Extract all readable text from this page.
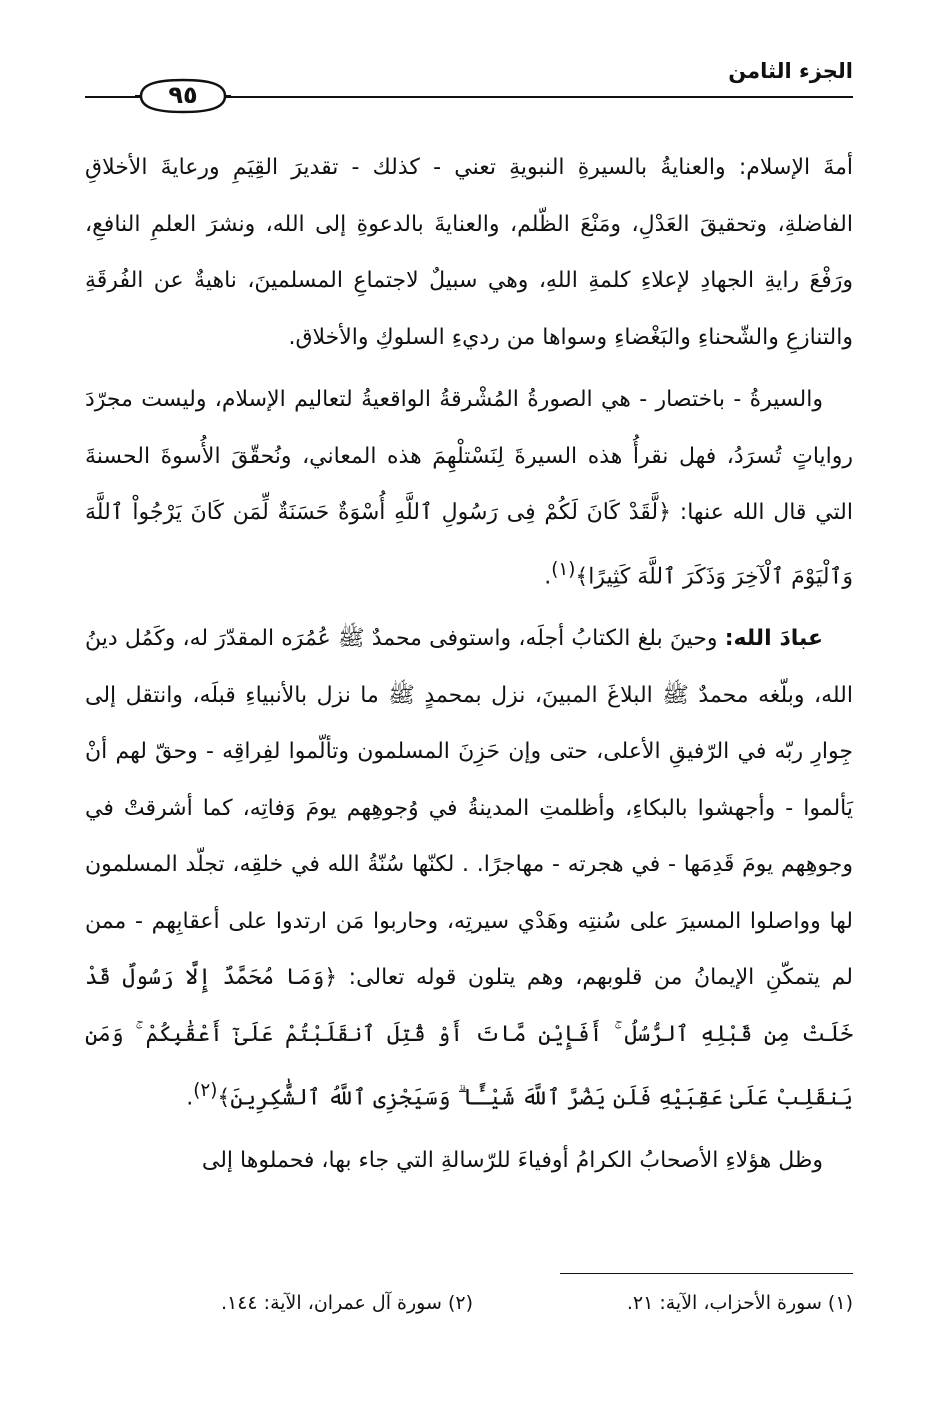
الجزء الثامن
٩٥

أمةَ الإسلام: والعنايةُ بالسيرةِ النبويةِ تعني - كذلك - تقديرَ القِيَمِ ورعايةَ الأخلاقِ الفاضلةِ، وتحقيقَ العَدْلِ، ومَنْعَ الظّلم، والعنايةَ بالدعوةِ إلى الله، ونشرَ العلمِ النافعِ، ورَفْعَ رايةِ الجهادِ لإعلاءِ كلمةِ اللهِ، وهي سبيلٌ لاجتماعِ المسلمينَ، ناهيةٌ عن الفُرقَةِ والتنازعِ والشّحناءِ والبَغْضاءِ وسواها من رديءِ السلوكِ والأخلاق.

والسيرةُ - باختصار - هي الصورةُ المُشْرقةُ الواقعيةُ لتعاليم الإسلام، وليست مجرّدَ رواياتٍ تُسرَدُ، فهل نقرأُ هذه السيرةَ لِنَسْتلْهِمَ هذه المعاني، ونُحقّقَ الأُسوةَ الحسنةَ التي قال الله عنها: ﴿لَّقَدْ كَانَ لَكُمْ فِى رَسُولِ ٱللَّهِ أُسْوَةٌ حَسَنَةٌ لِّمَن كَانَ يَرْجُواْ ٱللَّهَ وَٱلْيَوْمَ ٱلْآخِرَ وَذَكَرَ ٱللَّهَ كَثِيرًا﴾$^{(١)}$.

عبادَ الله: وحينَ بلغ الكتابُ أجلَه، واستوفى محمدٌ ﷺ عُمُرَه المقدّرَ له، وكَمُل دينُ الله، وبلّغه محمدٌ ﷺ البلاغَ المبينَ، نزل بمحمدٍ ﷺ ما نزل بالأنبياءِ قبلَه، وانتقل إلى جِوارِ ربّه في الرّفيقِ الأعلى، حتى وإن حَزِنَ المسلمون وتألّموا لفِراقِه - وحقّ لهم أنْ يَألموا - وأجهشوا بالبكاءِ، وأظلمتِ المدينةُ في وُجوهِهم يومَ وَفاتِه، كما أشرقتْ في وجوهِهم يومَ قَدِمَها - في هجرته - مهاجرًا. . لكنّها سُنّةُ الله في خلقِه، تجلّد المسلمون لها وواصلوا المسيرَ على سُنتِه وهَدْي سيرتِه، وحاربوا مَن ارتدوا على أعقابِهم - ممن لم يتمكّنِ الإيمانُ من قلوبهم، وهم يتلون قوله تعالى: ﴿وَمَا مُحَمَّدٌ إِلَّا رَسُولٌ قَدْ خَلَتْ مِن قَبْلِهِ ٱلرُّسُلُ ۚ أَفَإِيْن مَّاتَ أَوْ قُتِلَ ٱنقَلَبْتُمْ عَلَىٰٓ أَعْقَٰبِكُمْ ۚ وَمَن يَنقَلِبْ عَلَىٰ عَقِبَيْهِ فَلَن يَضُرَّ ٱللَّهَ شَيْـًٔا ۗ وَسَيَجْزِى ٱللَّهُ ٱلشَّٰكِرِينَ﴾$^{(٢)}$.

وظل هؤلاءِ الأصحابُ الكرامُ أوفياءَ للرّسالةِ التي جاء بها، فحملوها إلى

(١) سورة الأحزاب، الآية: ٢١.
(٢) سورة آل عمران، الآية: ١٤٤.
